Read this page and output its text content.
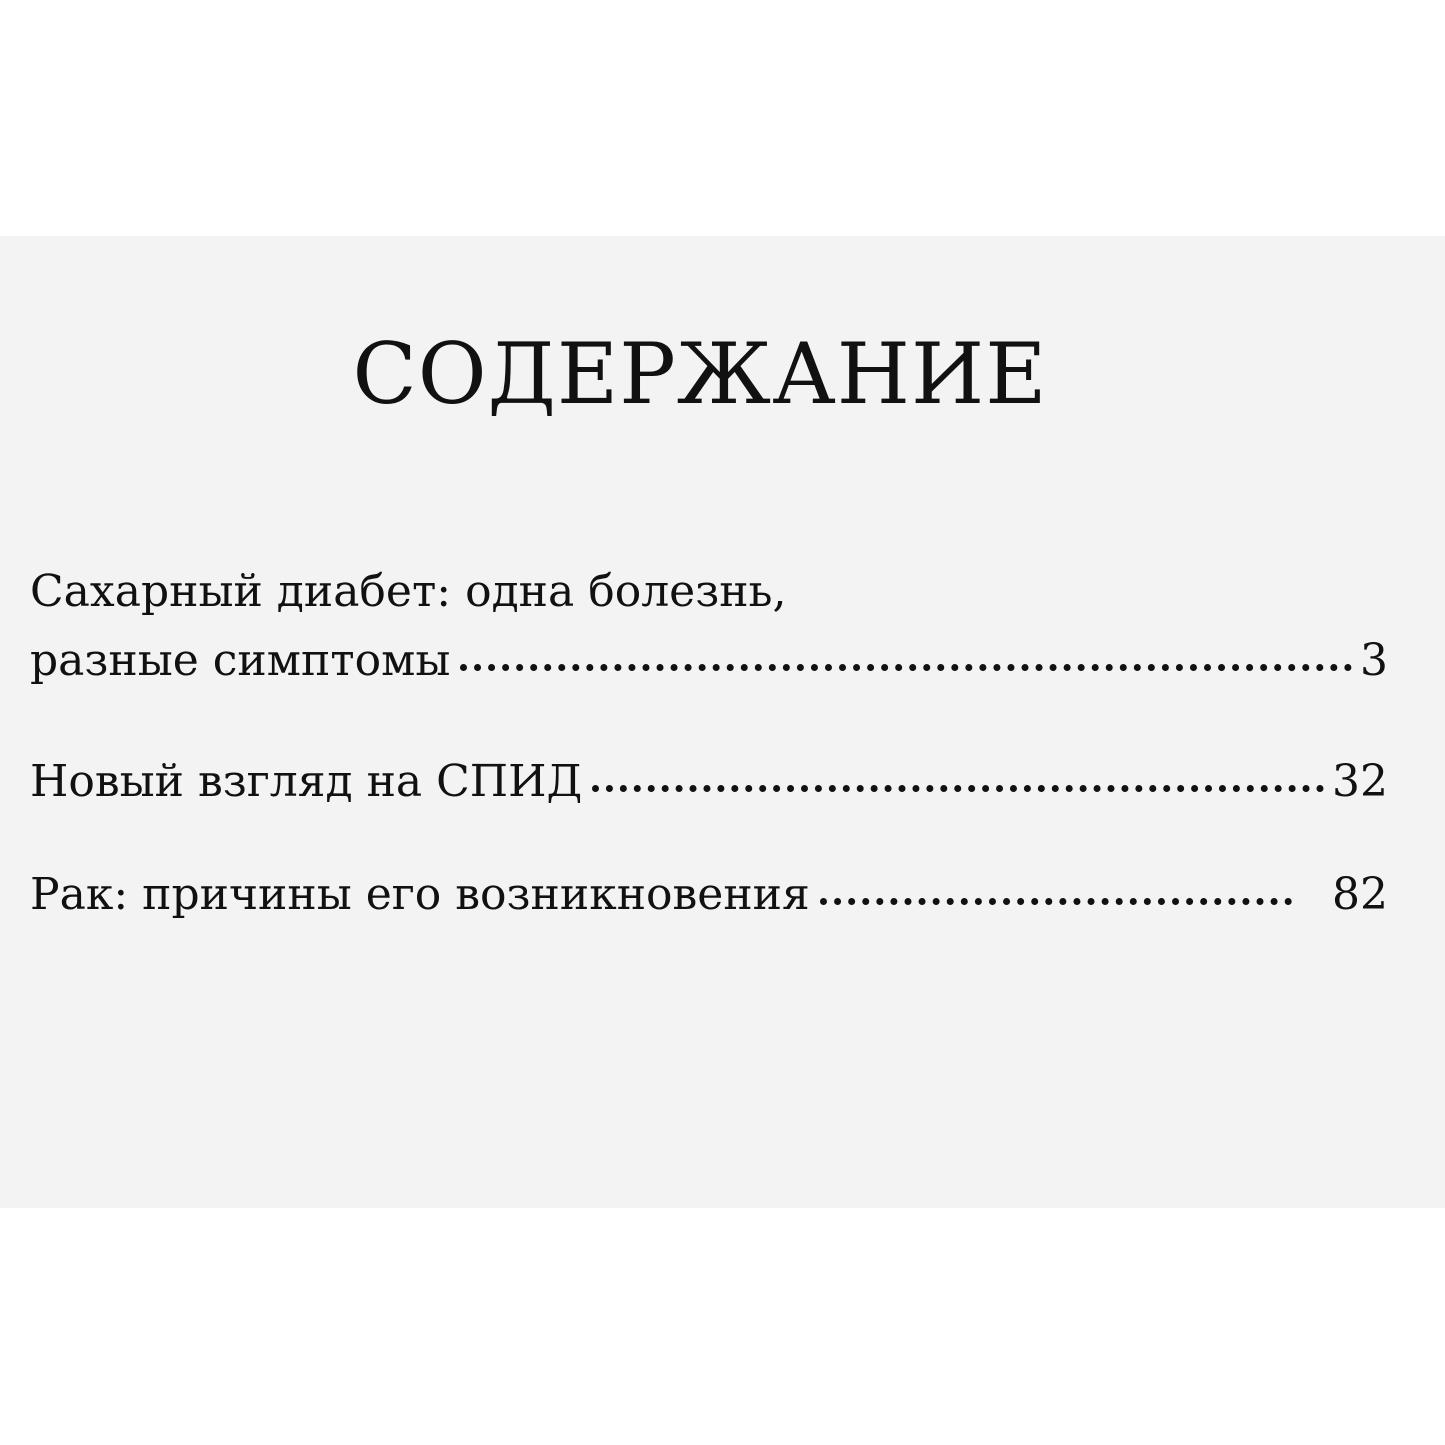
СОДЕРЖАНИЕ
Сахарный диабет: одна болезнь,
разные симптомы	3
Новый взгляд на СПИД	32
Рак: причины его возникновения	82
